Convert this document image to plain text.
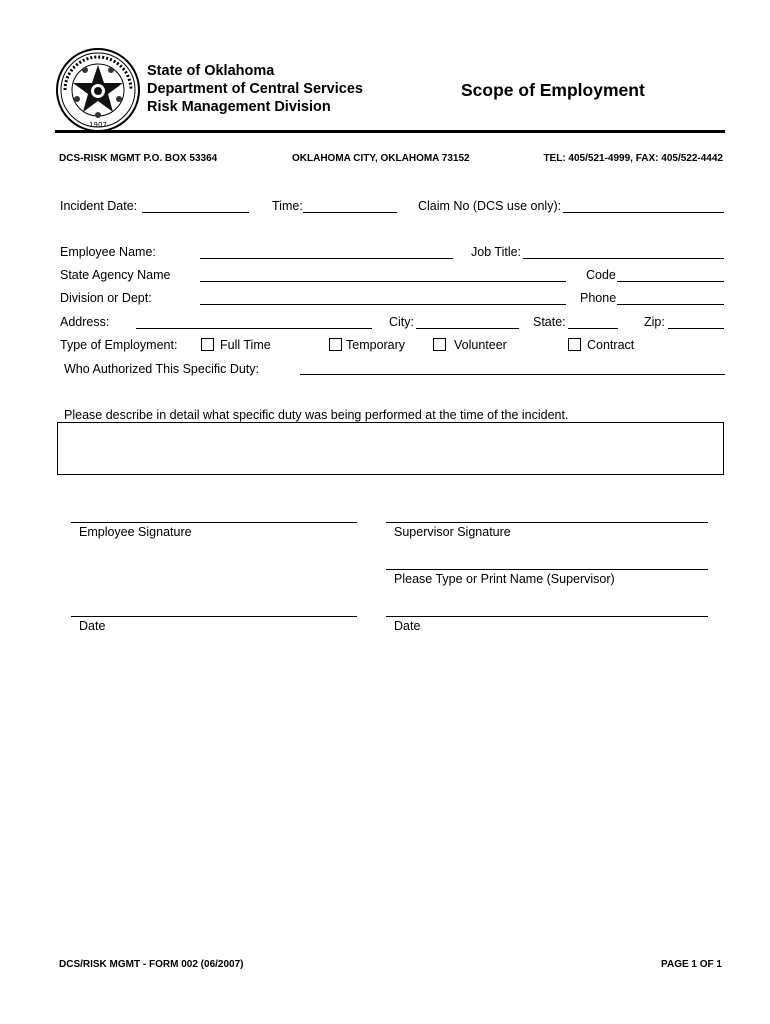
1907
State of Oklahoma
Department of Central Services
Risk Management Division
Scope of Employment
DCS-RISK MGMT P.O. BOX 53364	OKLAHOMA CITY, OKLAHOMA 73152	TEL: 405/521-4999, FAX: 405/522-4442
Incident Date:	Time:	Claim No (DCS use only):
Employee Name:	Job Title:
State Agency Name	Code
Division or Dept:	Phone
Address:	City:	State:	Zip:
Type of Employment:	Full Time	Temporary	Volunteer	Contract
Who Authorized This Specific Duty:
Please describe in detail what specific duty was being performed at the time of the incident.
Employee Signature	Supervisor Signature
Please Type or Print Name (Supervisor)
Date	Date
DCS/RISK MGMT - FORM 002 (06/2007)	PAGE 1 OF 1
